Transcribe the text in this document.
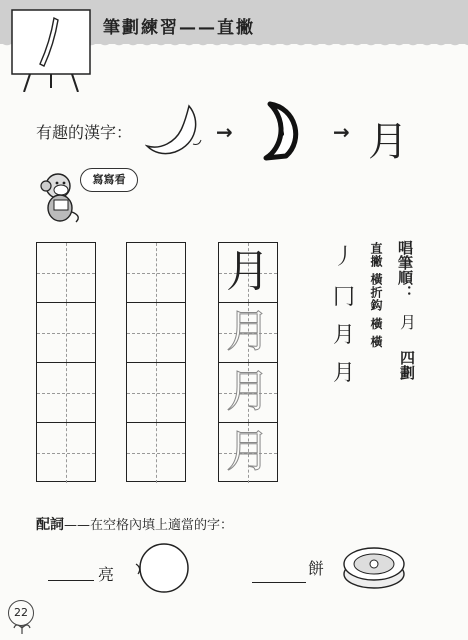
筆劃練習——直撇
有趣的漢字：	→	→ 月
寫寫看
月
月
月
月
丿
冂
月
月
直撇 橫折鈎 橫 橫 唱筆順：
月
四劃
配詞——在空格內填上適當的字：
亮	餅
22
